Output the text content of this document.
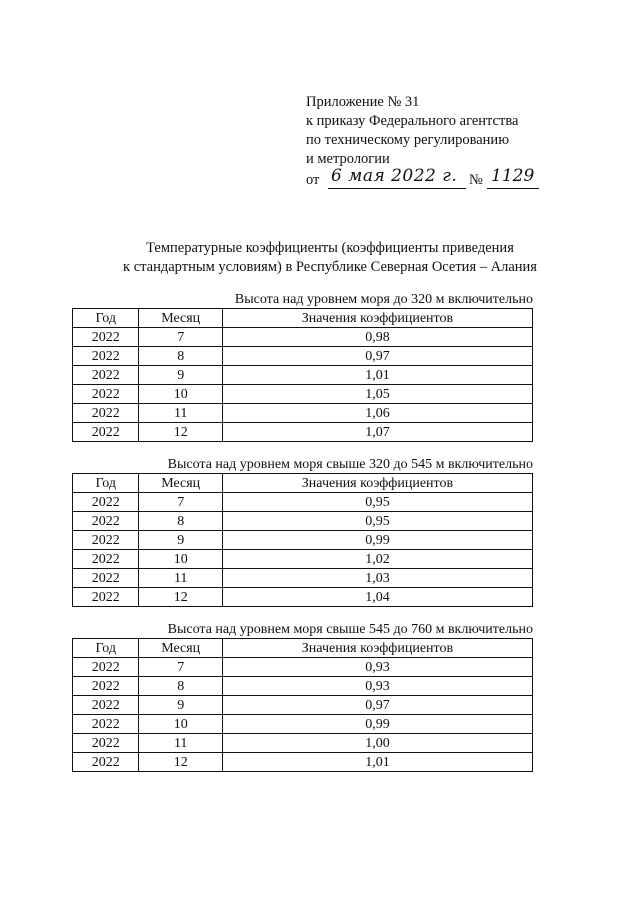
Приложение № 31
к приказу Федерального агентства
по техническому регулированию
и метрологии
от 6 мая 2022 г. № 1129
Температурные коэффициенты (коэффициенты приведения
к стандартным условиям) в Республике Северная Осетия – Алания
Высота над уровнем моря до 320 м включительно
Год	Месяц	Значения коэффициентов
2022	7	0,98
2022	8	0,97
2022	9	1,01
2022	10	1,05
2022	11	1,06
2022	12	1,07
Высота над уровнем моря свыше 320 до 545 м включительно
Год	Месяц	Значения коэффициентов
2022	7	0,95
2022	8	0,95
2022	9	0,99
2022	10	1,02
2022	11	1,03
2022	12	1,04
Высота над уровнем моря свыше 545 до 760 м включительно
Год	Месяц	Значения коэффициентов
2022	7	0,93
2022	8	0,93
2022	9	0,97
2022	10	0,99
2022	11	1,00
2022	12	1,01
